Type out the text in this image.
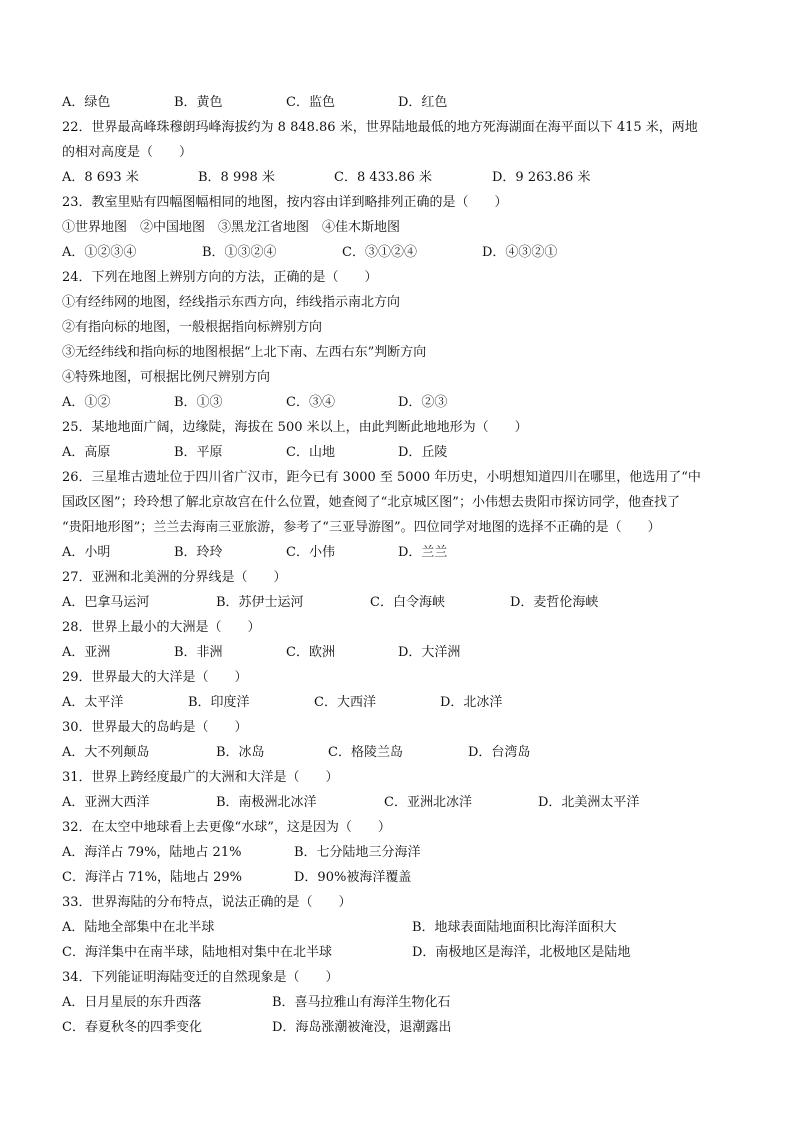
A．绿色	B．黄色	C．监色	D．红色
22．世界最高峰珠穆朗玛峰海拔约为 8 848.86 米，世界陆地最低的地方死海湖面在海平面以下 415 米，两地
的相对高度是（　　）
A．8 693 米	B．8 998 米	C．8 433.86 米	D．9 263.86 米
23．教室里贴有四幅图幅相同的地图，按内容由详到略排列正确的是（　　）
①世界地图　②中国地图　③黑龙江省地图　④佳木斯地图
A．①②③④	B．①③②④	C．③①②④	D．④③②①
24．下列在地图上辨别方向的方法，正确的是（　　）
①有经纬网的地图，经线指示东西方向，纬线指示南北方向
②有指向标的地图，一般根据指向标辨别方向
③无经纬线和指向标的地图根据“上北下南、左西右东”判断方向
④特殊地图，可根据比例尺辨别方向
A．①②	B．①③	C．③④	D．②③
25．某地地面广阔，边缘陡，海拔在 500 米以上，由此判断此地地形为（　　）
A．高原	B．平原	C．山地	D．丘陵
26．三星堆古遗址位于四川省广汉市，距今已有 3000 至 5000 年历史，小明想知道四川在哪里，他选用了“中
国政区图”；玲玲想了解北京故宫在什么位置，她查阅了“北京城区图”；小伟想去贵阳市探访同学，他查找了
“贵阳地形图”；兰兰去海南三亚旅游，参考了“三亚导游图”。四位同学对地图的选择不正确的是（　　）
A．小明	B．玲玲	C．小伟	D．兰兰
27．亚洲和北美洲的分界线是（　　）
A．巴拿马运河	B．苏伊士运河	C．白令海峡	D．麦哲伦海峡
28．世界上最小的大洲是（　　）
A．亚洲	B．非洲	C．欧洲	D．大洋洲
29．世界最大的大洋是（　　）
A．太平洋	B．印度洋	C．大西洋	D．北冰洋
30．世界最大的岛屿是（　　）
A．大不列颠岛	B．冰岛	C．格陵兰岛	D．台湾岛
31．世界上跨经度最广的大洲和大洋是（　　）
A．亚洲大西洋	B．南极洲北冰洋	C．亚洲北冰洋	D．北美洲太平洋
32．在太空中地球看上去更像“水球”，这是因为（　　）
A．海洋占 79%，陆地占 21%	B．七分陆地三分海洋
C．海洋占 71%，陆地占 29%	D．90%被海洋覆盖
33．世界海陆的分布特点，说法正确的是（　　）
A．陆地全部集中在北半球	B．地球表面陆地面积比海洋面积大
C．海洋集中在南半球，陆地相对集中在北半球	D．南极地区是海洋，北极地区是陆地
34．下列能证明海陆变迁的自然现象是（　　）
A．日月星辰的东升西落	B．喜马拉雅山有海洋生物化石
C．春夏秋冬的四季变化	D．海岛涨潮被淹没，退潮露出
